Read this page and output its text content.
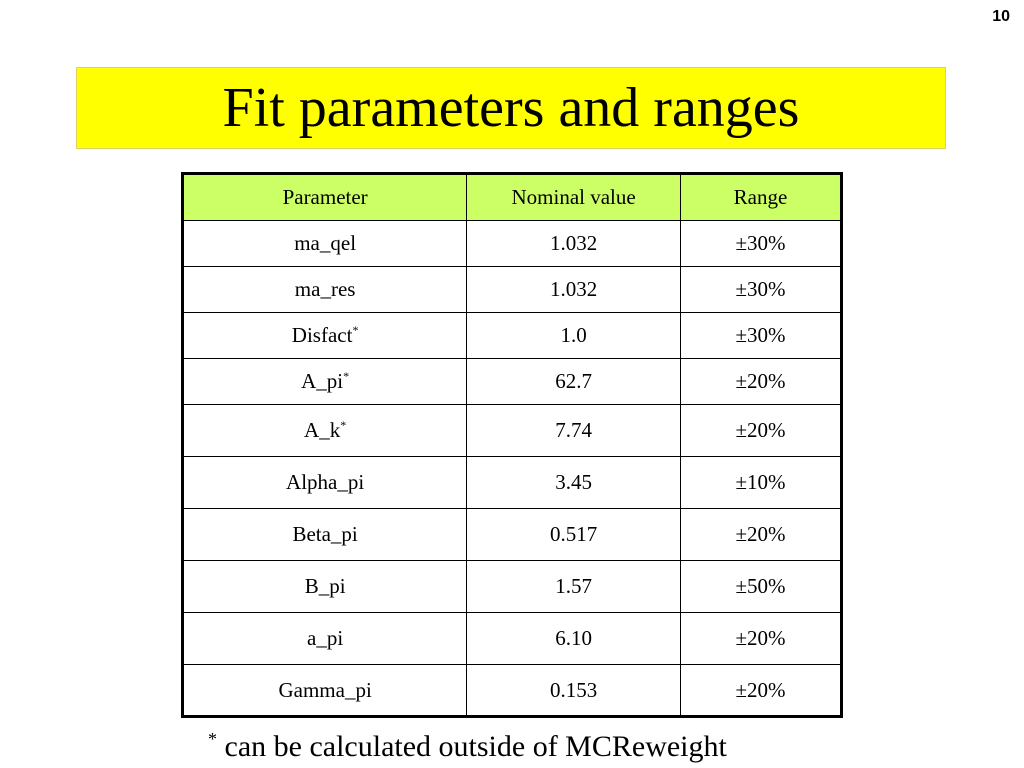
10
Fit parameters and ranges
Parameter	Nominal value	Range
ma_qel	1.032	±30%
ma_res	1.032	±30%
Disfact*	1.0	±30%
A_pi*	62.7	±20%
A_k*	7.74	±20%
Alpha_pi	3.45	±10%
Beta_pi	0.517	±20%
B_pi	1.57	±50%
a_pi	6.10	±20%
Gamma_pi	0.153	±20%
* can be calculated outside of MCReweight
